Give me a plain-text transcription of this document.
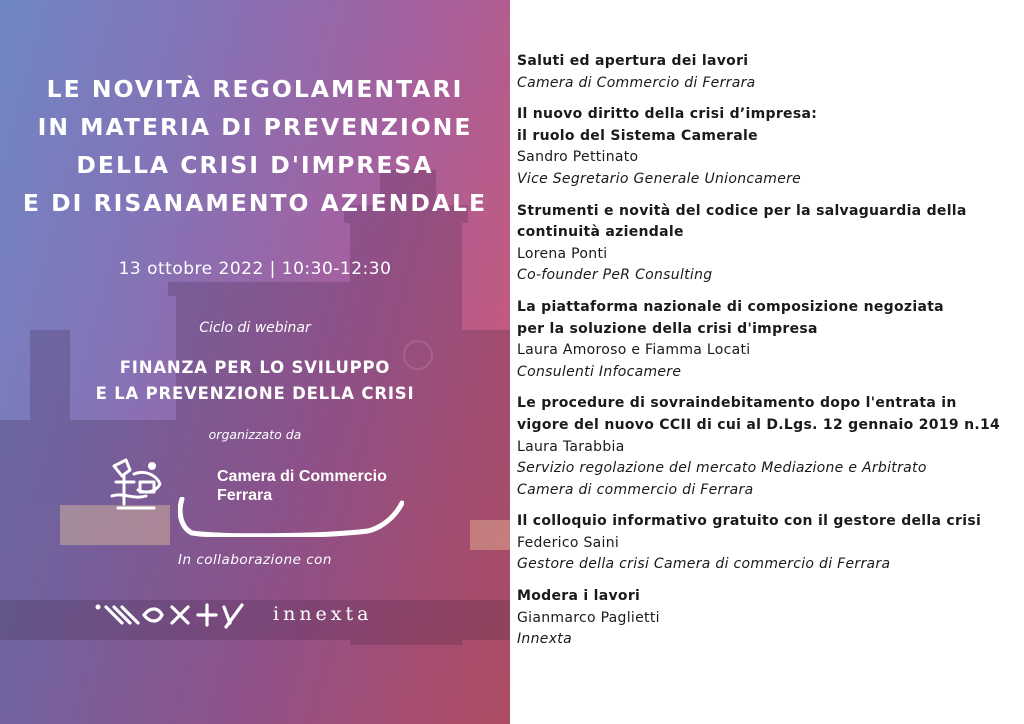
LE NOVITÀ REGOLAMENTARI
IN MATERIA DI PREVENZIONE
DELLA CRISI D'IMPRESA
E DI RISANAMENTO AZIENDALE
13 ottobre 2022 | 10:30-12:30
Ciclo di webinar
FINANZA PER LO SVILUPPO
E LA PREVENZIONE DELLA CRISI
organizzato da
Camera di Commercio
Ferrara
In collaborazione con
innexta

Saluti ed apertura dei lavori

Camera di Commercio di Ferrara

Il nuovo diritto della crisi d’impresa:

il ruolo del Sistema Camerale

Sandro Pettinato

Vice Segretario Generale Unioncamere

Strumenti e novità del codice per la salvaguardia della

continuità aziendale

Lorena Ponti

Co-founder PeR Consulting

La piattaforma nazionale di composizione negoziata

per la soluzione della crisi d'impresa

Laura Amoroso e Fiamma Locati

Consulenti Infocamere

Le procedure di sovraindebitamento dopo l'entrata in

vigore del nuovo CCII di cui al D.Lgs. 12 gennaio 2019 n.14

Laura Tarabbia

Servizio regolazione del mercato Mediazione e Arbitrato

Camera di commercio di Ferrara

Il colloquio informativo gratuito con il gestore della crisi

Federico Saini

Gestore della crisi Camera di commercio di Ferrara

Modera i lavori

Gianmarco Paglietti

Innexta
